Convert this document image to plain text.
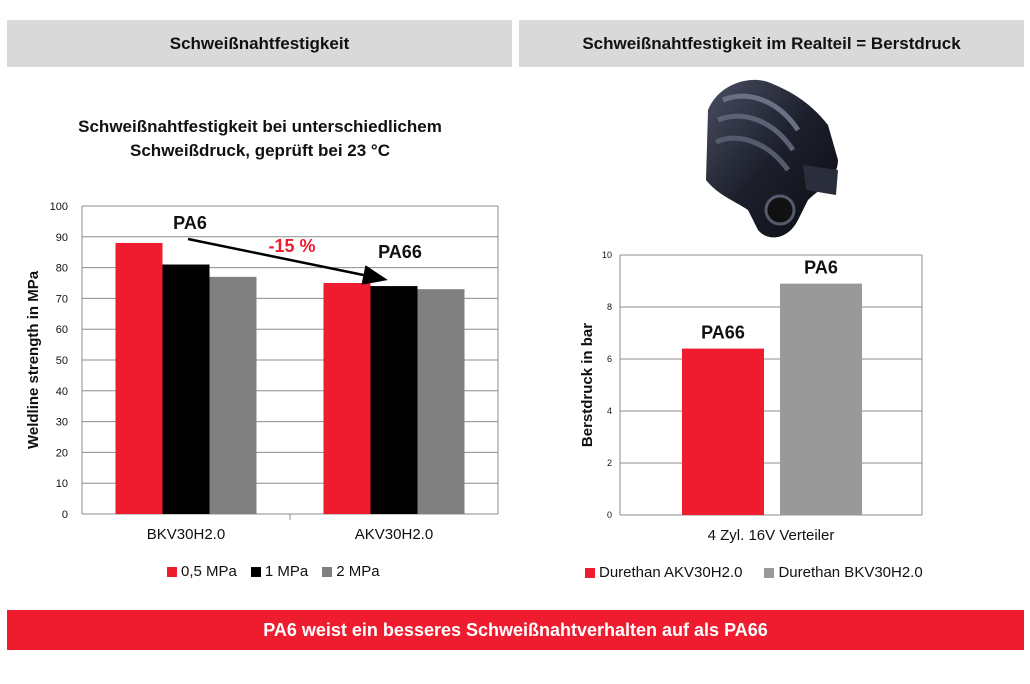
Schweißnahtfestigkeit	Schweißnahtfestigkeit im Realteil = Berstdruck
Schweißnahtfestigkeit bei unterschiedlichem
Schweißdruck, geprüft bei 23 °C
0
10
20
30
40
50
60
70
80
90
100
Weldline strength in MPa
BKV30H2.0	AKV30H2.0
PA6
PA66
-15 %
0
2
4
6
8
10
Berstdruck in bar	PA66
PA6
4 Zyl. 16V Verteiler
0,5 MPa 1 MPa 2 MPa	Durethan AKV30H2.0 Durethan BKV30H2.0
PA6 weist ein besseres Schweißnahtverhalten auf als PA66
